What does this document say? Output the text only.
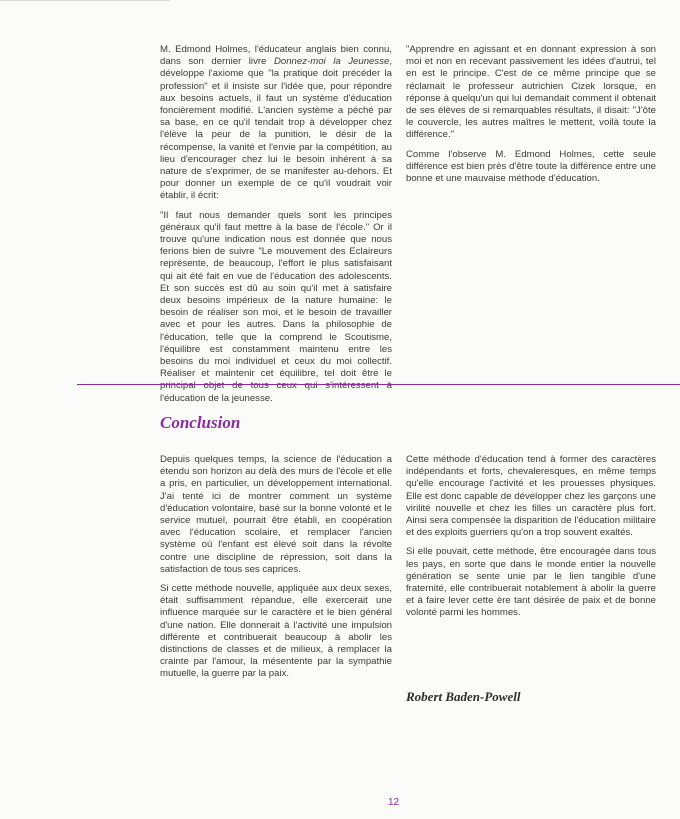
M. Edmond Holmes, l'éducateur anglais bien connu, dans son dernier livre Donnez-moi la Jeunesse, développe l'axiome que "la pratique doit précéder la profession" et il insiste sur l'idée que, pour répondre aux besoins actuels, il faut un système d'éducation foncièrement modifié. L'ancien système a péché par sa base, en ce qu'il tendait trop à développer chez l'élève la peur de la punition, le désir de la récompense, la vanité et l'envie par la compétition, au lieu d'encourager chez lui le besoin inhérent à sa nature de s'exprimer, de se manifester au-dehors. Et pour donner un exemple de ce qu'il voudrait voir établir, il écrit:

"Il faut nous demander quels sont les principes généraux qu'il faut mettre à la base de l'école." Or il trouve qu'une indication nous est donnée que nous ferions bien de suivre "Le mouvement des Eclaireurs représente, de beaucoup, l'effort le plus satisfaisant qui ait été fait en vue de l'éducation des adolescents. Et son succès est dû au soin qu'il met à satisfaire deux besoins impérieux de la nature humaine: le besoin de réaliser son moi, et le besoin de travailler avec et pour les autres. Dans la philosophie de l'éducation, telle que la comprend le Scoutisme, l'équilibre est constamment maintenu entre les besoins du moi individuel et ceux du moi collectif. Réaliser et maintenir cet équilibre, tel doit être le principal objet de tous ceux qui s'intéressent à l'éducation de la jeunesse.

"Apprendre en agissant et en donnant expression à son moi et non en recevant passivement les idées d'autrui, tel en est le principe. C'est de ce même principe que se réclamait le professeur autrichien Cizek lorsque, en réponse à quelqu'un qui lui demandait comment il obtenait de ses élèves de si remarquables résultats, il disait: "J'ôte le couvercle, les autres maîtres le mettent, voilà toute la différence."

Comme l'observe M. Edmond Holmes, cette seule différence est bien près d'être toute la différence entre une bonne et une mauvaise méthode d'éducation.

Conclusion

Depuis quelques temps, la science de l'éducation a étendu son horizon au delà des murs de l'école et elle a pris, en particulier, un développement international. J'ai tenté ici de montrer comment un système d'éducation volontaire, basé sur la bonne volonté et le service mutuel, pourrait être établi, en coopération avec l'éducation scolaire, et remplacer l'ancien système où l'enfant est élevé soit dans la révolte contre une discipline de répression, soit dans la satisfaction de tous ses caprices.

Si cette méthode nouvelle, appliquée aux deux sexes, était suffisamment répandue, elle exercerait une influence marquée sur le caractère et le bien général d'une nation. Elle donnerait à l'activité une impulsion différente et contribuerait beaucoup à abolir les distinctions de classes et de milieux, à remplacer la crainte par l'amour, la mésentente par la sympathie mutuelle, la guerre par la paix.

Cette méthode d'éducation tend à former des caractères indépendants et forts, chevaleresques, en même temps qu'elle encourage l'activité et les prouesses physiques. Elle est donc capable de développer chez les garçons une virilité nouvelle et chez les filles un caractère plus fort. Ainsi sera compensée la disparition de l'éducation militaire et des exploits guerriers qu'on a trop souvent exaltés.

Si elle pouvait, cette méthode, être encouragée dans tous les pays, en sorte que dans le monde entier la nouvelle génération se sente unie par le lien tangible d'une fraternité, elle contribuerait notablement à abolir la guerre et à faire lever cette ère tant désirée de paix et de bonne volonté parmi les hommes.

Robert Baden-Powell
12
